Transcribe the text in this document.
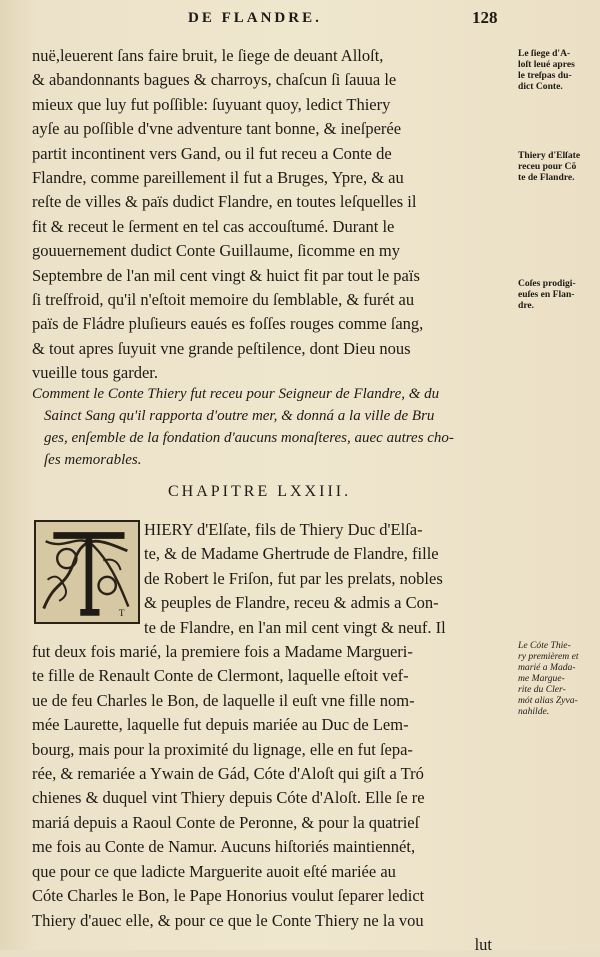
DE FLANDRE.	128
nuë,leuerent ſans faire bruit, le ſiege de deuant Alloſt,
& abandonnants bagues & charroys, chaſcun ſi ſauua le
mieux que luy fut poſſible: ſuyuant quoy, ledict Thiery
ayſe au poſſible d'vne adventure tant bonne, & ineſperée
partit incontinent vers Gand, ou il fut receu a Conte de
Flandre, comme pareillement il fut a Bruges, Ypre, & au
reſte de villes & païs dudict Flandre, en toutes leſquelles il
fit & receut le ſerment en tel cas accouſtumé. Durant le
gouuernement dudict Conte Guillaume, ſicomme en my
Septembre de l'an mil cent vingt & huict fit par tout le païs
ſi treſfroid, qu'il n'eſtoit memoire du ſemblable, & furét au
païs de Fládre pluſieurs eaués es foſſes rouges comme ſang,
& tout apres ſuyuit vne grande peſtilence, dont Dieu nous
vueille tous garder.
Comment le Conte Thiery fut receu pour Seigneur de Flandre, & du
Sainct Sang qu'il rapporta d'outre mer, & donná a la ville de Bru
ges, enſemble de la fondation d'aucuns monaſteres, auec autres cho-
ſes memorables.
CHAPITRE LXXIII.
T
HIERY d'Elſate, fils de Thiery Duc d'Elſa-
te, & de Madame Ghertrude de Flandre, fille
de Robert le Friſon, fut par les prelats, nobles
& peuples de Flandre, receu & admis a Con-
te de Flandre, en l'an mil cent vingt & neuf. Il
fut deux fois marié, la premiere fois a Madame Margueri-
te fille de Renault Conte de Clermont, laquelle eſtoit vef-
ue de feu Charles le Bon, de laquelle il euſt vne fille nom-
mée Laurette, laquelle fut depuis mariée au Duc de Lem-
bourg, mais pour la proximité du lignage, elle en fut ſepa-
rée, & remariée a Ywain de Gád, Cóte d'Aloſt qui giſt a Tró
chienes & duquel vint Thiery depuis Cóte d'Aloſt. Elle ſe re
mariá depuis a Raoul Conte de Peronne, & pour la quatrieſ
me fois au Conte de Namur. Aucuns hiſtoriés maintiennét,
que pour ce que ladicte Marguerite auoit eſté mariée au
Cóte Charles le Bon, le Pape Honorius voulut ſeparer ledict
Thiery d'auec elle, & pour ce que le Conte Thiery ne la vou
lut
Le ſiege d'A-
loſt leué apres
le treſpas du-
dict Conte.
Thiery d'Elſate
receu pour Cõ
te de Flandre.
Coſes prodigi-
euſes en Flan-
dre.
Le Cóte Thie-
ry premièrem et
marié a Mada-
me Margue-
rite du Cler-
mót alias Zyva-
nahilde.
